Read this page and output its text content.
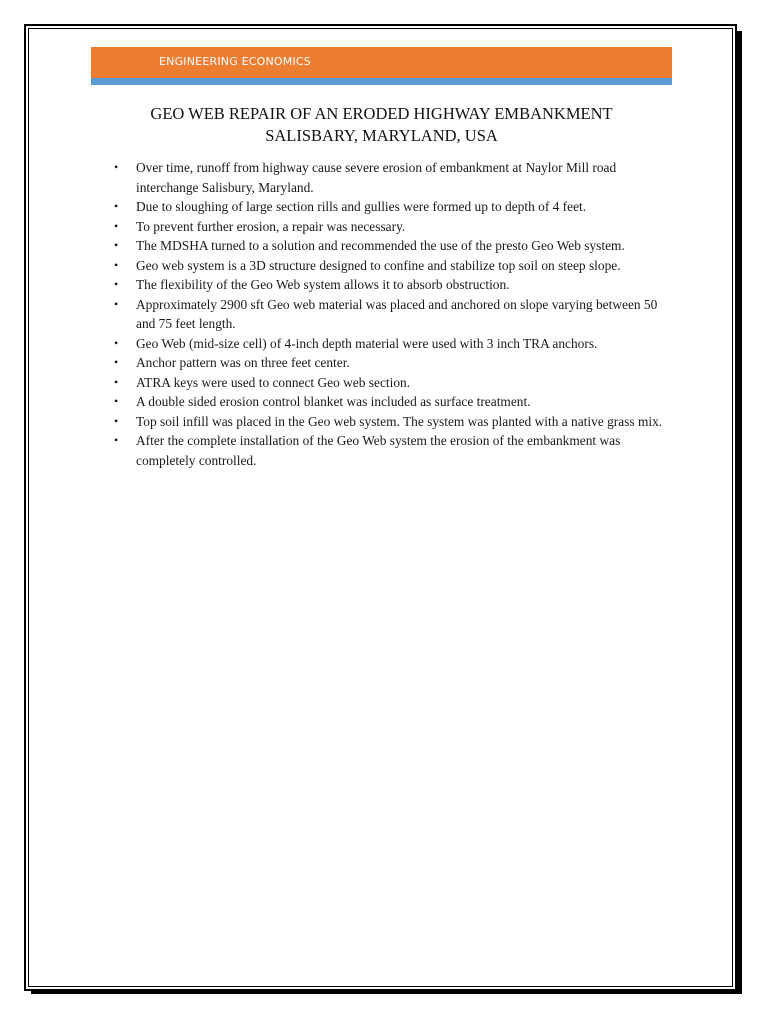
ENGINEERING ECONOMICS
GEO WEB REPAIR OF AN ERODED HIGHWAY EMBANKMENT
SALISBARY, MARYLAND, USA
• Over time, runoff from highway cause severe erosion of embankment at Naylor Mill road interchange Salisbury, Maryland.
• Due to sloughing of large section rills and gullies were formed up to depth of 4 feet.
• To prevent further erosion, a repair was necessary.
• The MDSHA turned to a solution and recommended the use of the presto Geo Web system.
• Geo web system is a 3D structure designed to confine and stabilize top soil on steep slope.
• The flexibility of the Geo Web system allows it to absorb obstruction.
• Approximately 2900 sft Geo web material was placed and anchored on slope varying between 50 and 75 feet length.
• Geo Web (mid-size cell) of 4-inch depth material were used with 3 inch TRA anchors.
• Anchor pattern was on three feet center.
• ATRA keys were used to connect Geo web section.
• A double sided erosion control blanket was included as surface treatment.
• Top soil infill was placed in the Geo web system. The system was planted with a native grass mix.
• After the complete installation of the Geo Web system the erosion of the embankment was completely controlled.
